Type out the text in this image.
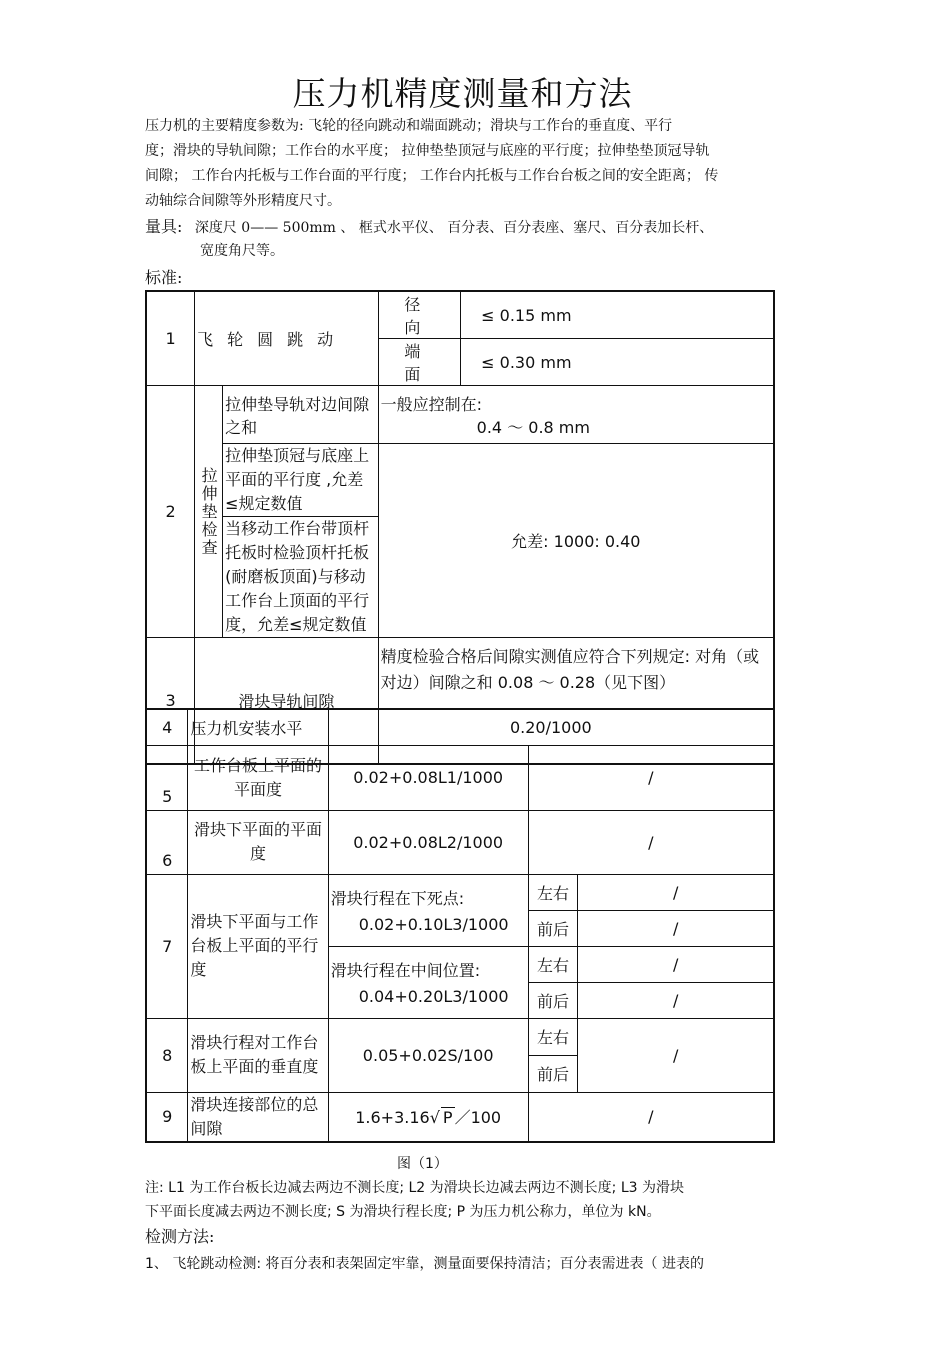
压力机精度测量和方法
压力机的主要精度参数为: 飞轮的径向跳动和端面跳动；滑块与工作台的垂直度、平行
度；滑块的导轨间隙；工作台的水平度； 拉伸垫垫顶冠与底座的平行度；拉伸垫垫顶冠导轨
间隙； 工作台内托板与工作台面的平行度； 工作台内托板与工作台台板之间的安全距离； 传
动轴综合间隙等外形精度尺寸。
量具: 深度尺 0—— 500mm 、 框式水平仪、 百分表、百分表座、塞尺、百分表加长杆、
宽度角尺等。
标准:
1	飞轮圆跳动		径 向	≤ 0.15 mm
			端 面	≤ 0.30 mm
2	拉伸垫检查	拉伸垫导轨对边间隙之和	一般应控制在:
0.4 ～ 0.8 mm	

		拉伸垫顶冠与底座上平面的平行度 ,允差≤规定数值	允差: 1000: 0.40	
		当移动工作台带顶杆托板时检验顶杆托板 (耐磨板顶面)与移动工作台上顶面的平行度，允差≤规定数值		
3	滑块导轨间隙		精度检验合格后间隙实测值应符合下列规定: 对角（或对边）间隙之和 0.08 ～ 0.28（见下图）	
4	压力机安装水平	0.20/1000		
5	工作台板上平面的平面度	0.02+0.08L1/1000	/	
6	滑块下平面的平面度	0.02+0.08L2/1000	/	
7	滑块下平面与工作台板上平面的平行度	滑块行程在下死点:
0.02+0.10L3/1000	左右	/
			前后	/

		滑块行程在中间位置:
0.04+0.20L3/1000	左右	/
			前后	/
8	滑块行程对工作台板上平面的垂直度	0.05+0.02S/100	左右	/
			前后	
9	滑块连接部位的总间隙	1.6+3.16√ P ／100	/	
图（1）
注: L1 为工作台板长边减去两边不测长度; L2 为滑块长边减去两边不测长度; L3 为滑块
下平面长度减去两边不测长度; S 为滑块行程长度; P 为压力机公称力，单位为 kN。
检测方法:
1、 飞轮跳动检测: 将百分表和表架固定牢靠，测量面要保持清洁；百分表需进表（ 进表的
